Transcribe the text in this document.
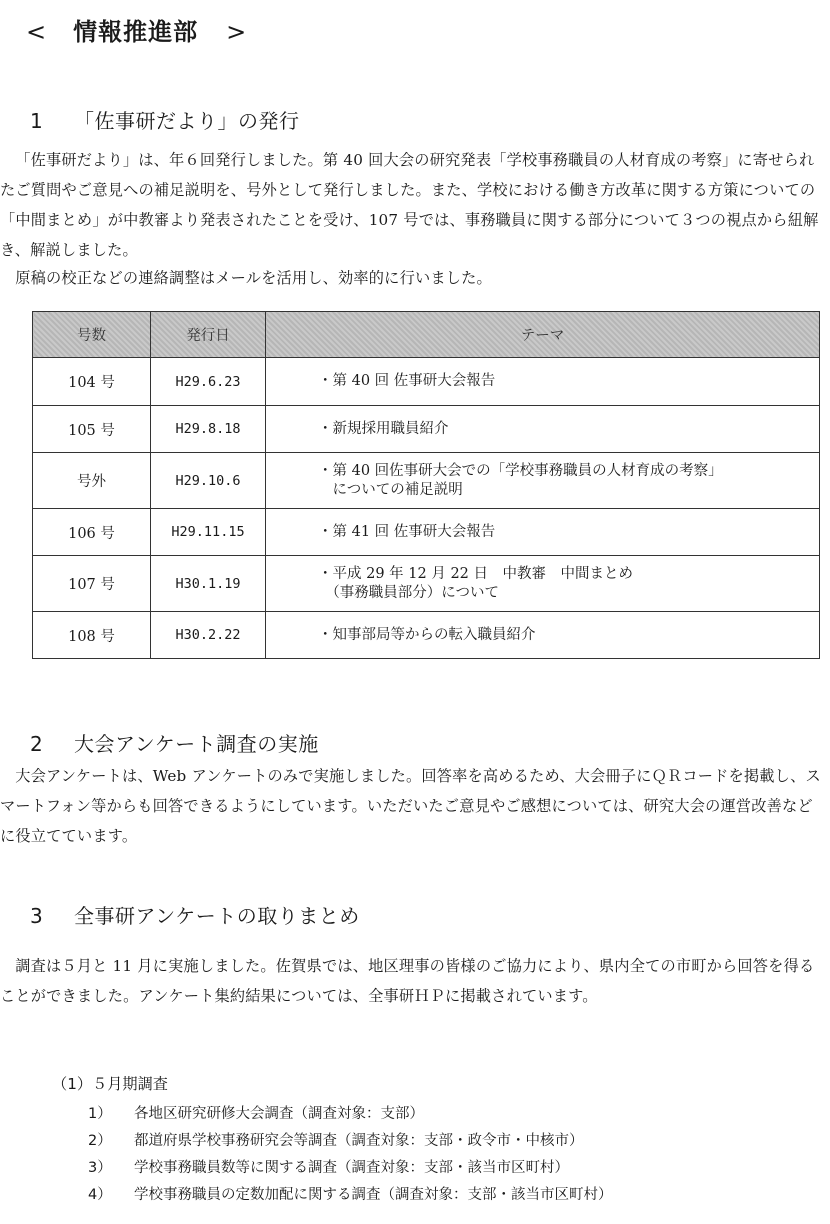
< 情報推進部 >
1 「佐事研だより」の発行

「佐事研だより」は、年６回発行しました。第 40 回大会の研究発表「学校事務職員の人材育成の考察」に寄せられたご質問やご意見への補足説明を、号外として発行しました。また、学校における働き方改革に関する方策についての「中間まとめ」が中教審より発表されたことを受け、107 号では、事務職員に関する部分について３つの視点から紐解き、解説しました。

原稿の校正などの連絡調整はメールを活用し、効率的に行いました。

号数	発行日	テーマ
104 号	H29.6.23	・第 40 回 佐事研大会報告
105 号	H29.8.18	・新規採用職員紹介
号外	H29.10.6	・第 40 回佐事研大会での「学校事務職員の人材育成の考察」
　についての補足説明

106 号	H29.11.15	・第 41 回 佐事研大会報告
107 号	H30.1.19	・平成 29 年 12 月 22 日　中教審　中間まとめ
　（事務職員部分）について

108 号	H30.2.22	・知事部局等からの転入職員紹介
2 大会アンケート調査の実施

大会アンケートは、Web アンケートのみで実施しました。回答率を高めるため、大会冊子にＱＲコードを掲載し、スマートフォン等からも回答できるようにしています。いただいたご意見やご感想については、研究大会の運営改善などに役立てています。

3 全事研アンケートの取りまとめ

調査は５月と 11 月に実施しました。佐賀県では、地区理事の皆様のご協力により、県内全ての市町から回答を得ることができました。アンケート集約結果については、全事研ＨＰに掲載されています。

（1）５月期調査
1） 各地区研究研修大会調査（調査対象：支部）
2） 都道府県学校事務研究会等調査（調査対象：支部・政令市・中核市）
3） 学校事務職員数等に関する調査（調査対象：支部・該当市区町村）
4） 学校事務職員の定数加配に関する調査（調査対象：支部・該当市区町村）
